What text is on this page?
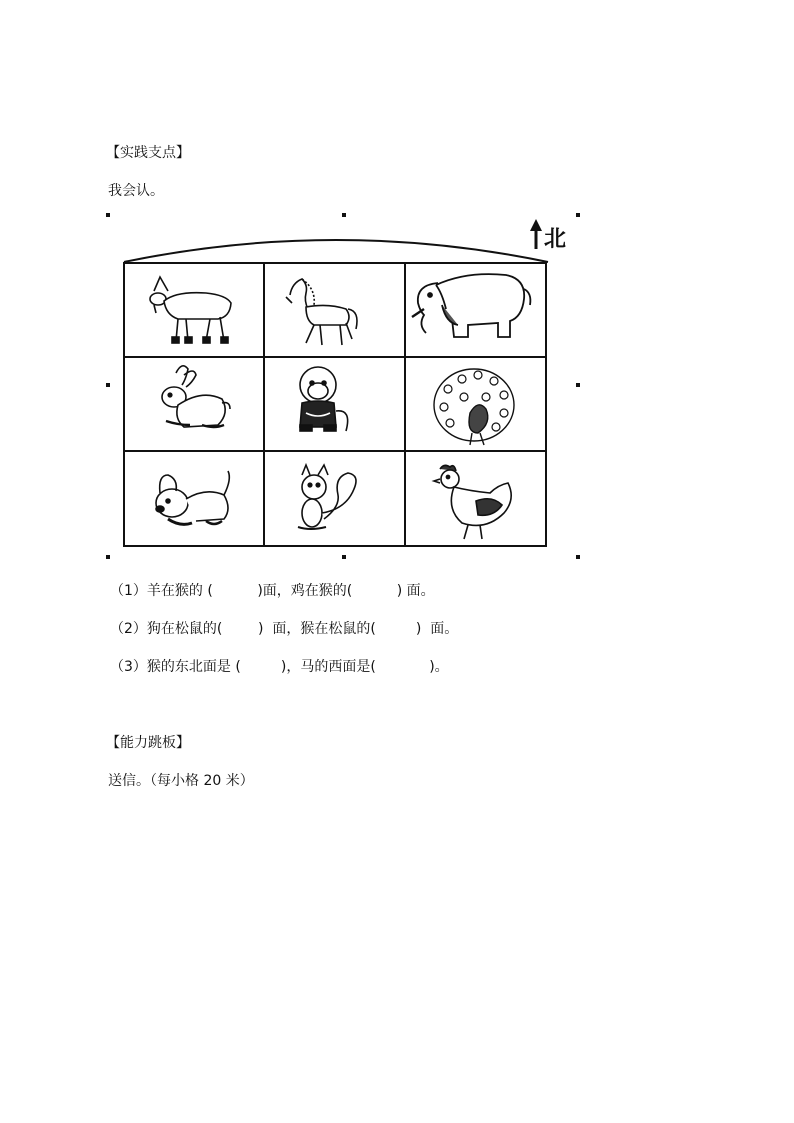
【实践支点】
我会认。
北
（1）羊在猴的 (          )面，鸡在猴的(          ) 面。
（2）狗在松鼠的(        )  面，猴在松鼠的(         )  面。
（3）猴的东北面是 (         )，马的西面是(            )。
【能力跳板】
送信。（每小格 20 米）
